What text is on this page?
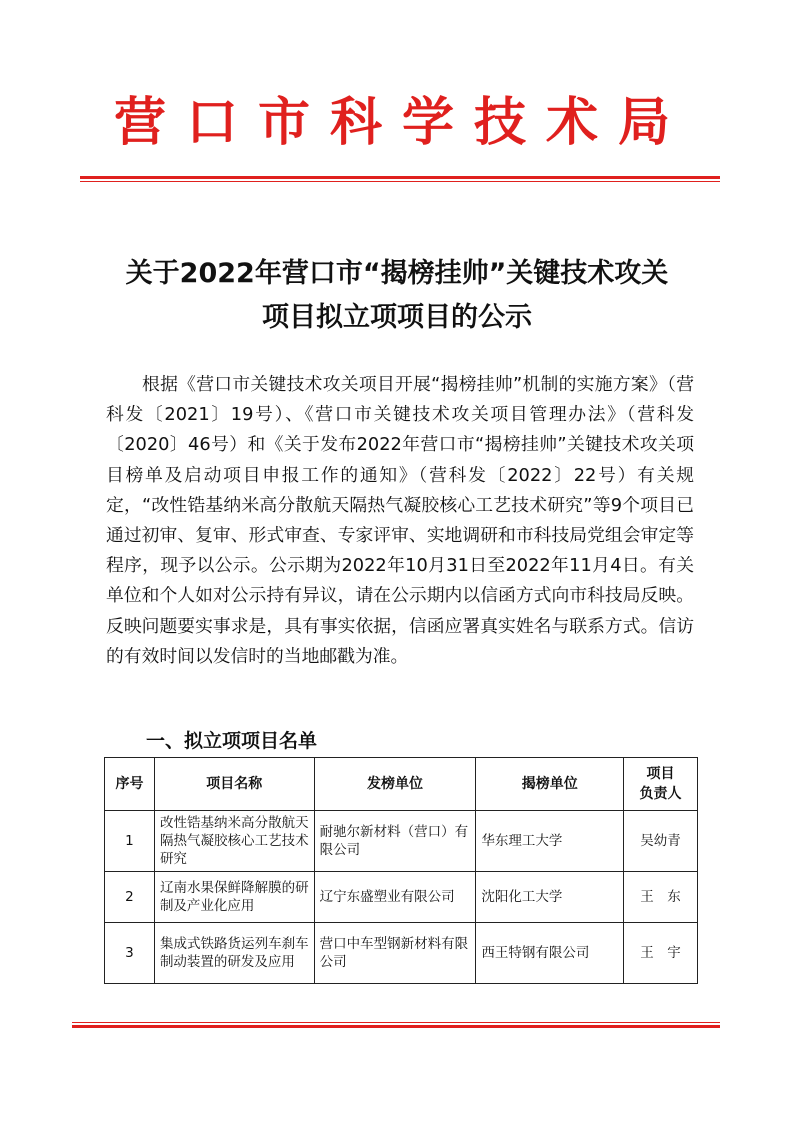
营口市科学技术局
关于2022年营口市“揭榜挂帅”关键技术攻关
项目拟立项项目的公示

根据《营口市关键技术攻关项目开展“揭榜挂帅”机制的实施方案》（营科发〔2021〕19号）、《营口市关键技术攻关项目管理办法》（营科发〔2020〕46号）和《关于发布2022年营口市“揭榜挂帅”关键技术攻关项目榜单及启动项目申报工作的通知》（营科发〔2022〕22号）有关规定，“改性锆基纳米高分散航天隔热气凝胶核心工艺技术研究”等9个项目已通过初审、复审、形式审查、专家评审、实地调研和市科技局党组会审定等程序，现予以公示。公示期为2022年10月31日至2022年11月4日。有关单位和个人如对公示持有异议，请在公示期内以信函方式向市科技局反映。反映问题要实事求是，具有事实依据，信函应署真实姓名与联系方式。信访的有效时间以发信时的当地邮戳为准。

一、拟立项项目名单
序号	项目名称	发榜单位	揭榜单位	项目
负责人
1	改性锆基纳米高分散航天隔热气凝胶核心工艺技术研究	耐驰尔新材料（营口）有限公司	华东理工大学	吴幼青
2	辽南水果保鲜降解膜的研制及产业化应用	辽宁东盛塑业有限公司	沈阳化工大学	王　东
3	集成式铁路货运列车刹车制动装置的研发及应用	营口中车型钢新材料有限公司	西王特钢有限公司	王　宇
